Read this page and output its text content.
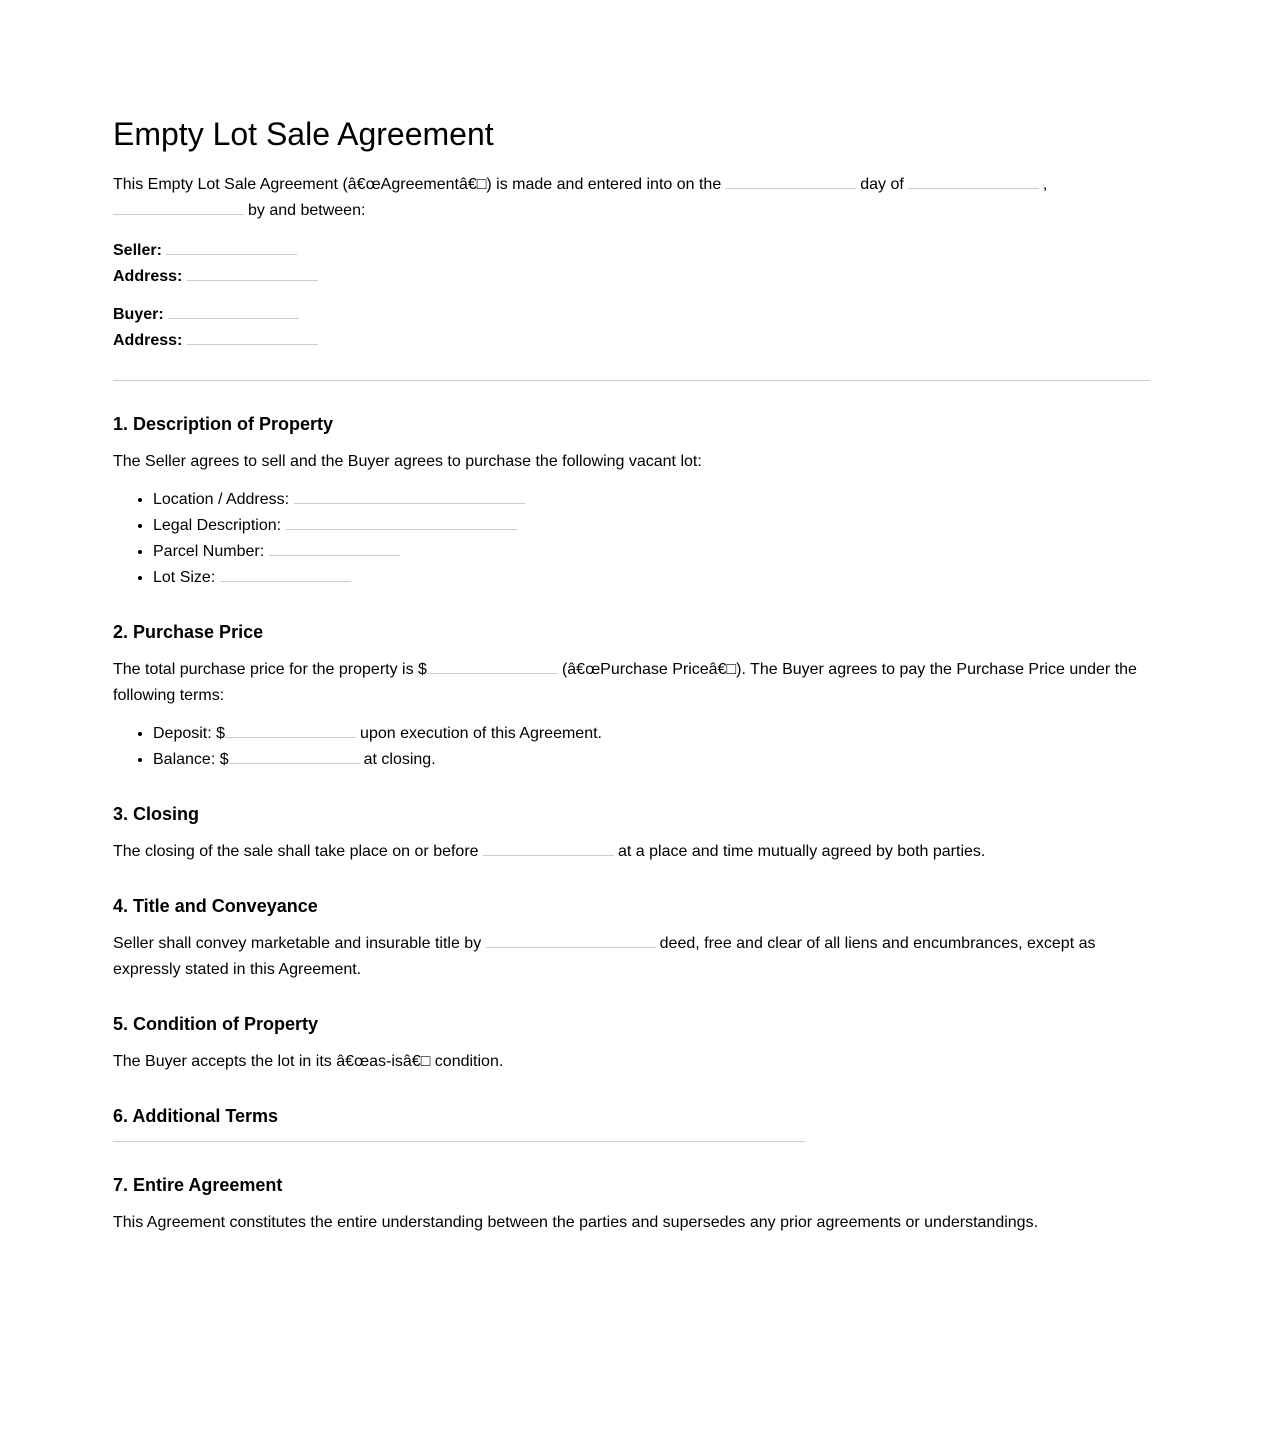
Empty Lot Sale Agreement

This Empty Lot Sale Agreement (â€œAgreementâ€□) is made and entered into on the	day of	,
by and between:

Seller:

Address:

Buyer:

Address:

1. Description of Property

The Seller agrees to sell and the Buyer agrees to purchase the following vacant lot:

• Location / Address:
• Legal Description:
• Parcel Number:
• Lot Size:
2. Purchase Price

The total purchase price for the property is $	(â€œPurchase Priceâ€□). The Buyer agrees to pay the Purchase Price under the following terms:

• Deposit: $	upon execution of this Agreement.
• Balance: $	at closing.
3. Closing

The closing of the sale shall take place on or before	at a place and time mutually agreed by both parties.

4. Title and Conveyance

Seller shall convey marketable and insurable title by	deed, free and clear of all liens and encumbrances, except as expressly stated in this Agreement.

5. Condition of Property

The Buyer accepts the lot in its â€œas-isâ€□ condition.

6. Additional Terms
7. Entire Agreement

This Agreement constitutes the entire understanding between the parties and supersedes any prior agreements or understandings.
